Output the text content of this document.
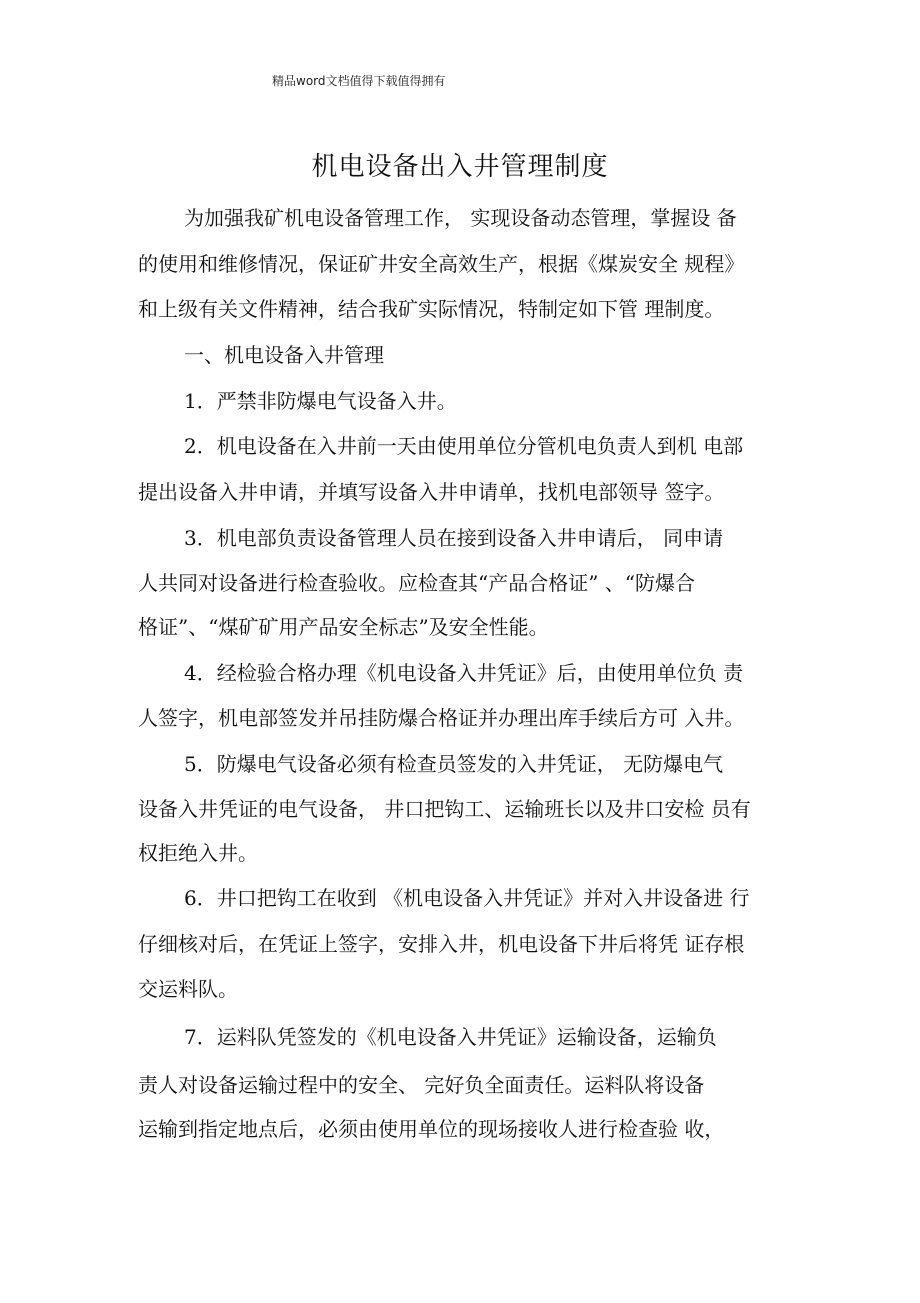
精品word文档值得下载值得拥有
机电设备出入井管理制度
为加强我矿机电设备管理工作， 实现设备动态管理，掌握设 备
的使用和维修情况，保证矿井安全高效生产，根据《煤炭安全 规程》
和上级有关文件精神，结合我矿实际情况，特制定如下管 理制度。
一、机电设备入井管理
1．严禁非防爆电气设备入井。
2．机电设备在入井前一天由使用单位分管机电负责人到机 电部
提出设备入井申请，并填写设备入井申请单，找机电部领导 签字。
3．机电部负责设备管理人员在接到设备入井申请后， 同申请
人共同对设备进行检查验收。应检查其“产品合格证” 、“防爆合
格证”、“煤矿矿用产品安全标志”及安全性能。
4．经检验合格办理《机电设备入井凭证》后，由使用单位负 责
人签字，机电部签发并吊挂防爆合格证并办理出库手续后方可 入井。
5．防爆电气设备必须有检查员签发的入井凭证， 无防爆电气
设备入井凭证的电气设备， 井口把钩工、运输班长以及井口安检 员有
权拒绝入井。
6．井口把钩工在收到 《机电设备入井凭证》并对入井设备进 行
仔细核对后，在凭证上签字，安排入井，机电设备下井后将凭 证存根
交运料队。
7．运料队凭签发的《机电设备入井凭证》运输设备，运输负
责人对设备运输过程中的安全、 完好负全面责任。运料队将设备
运输到指定地点后，必须由使用单位的现场接收人进行检查验 收，
